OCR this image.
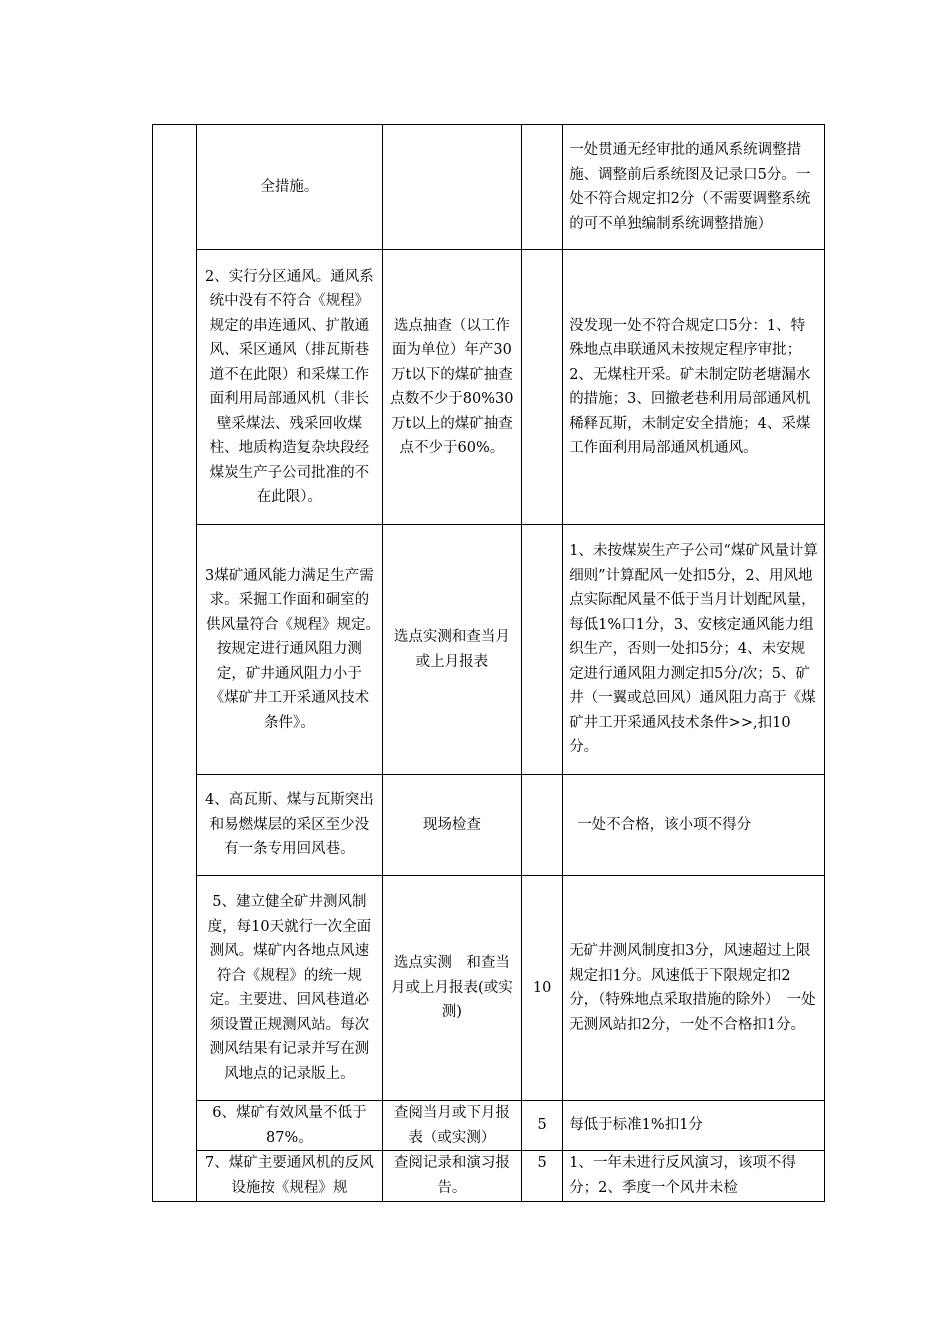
	全措施。			一处贯通无经审批的通风系统调整措施、调整前后系统图及记录口5分。一处不符合规定扣2分（不需要调整系统的可不单独编制系统调整措施）

	2、实行分区通风。通风系统中没有不符合《规程》规定的串连通风、扩散通风、采区通风（排瓦斯巷道不在此限）和采煤工作面利用局部通风机（非长壁采煤法、残采回收煤柱、地质构造复杂块段经煤炭生产子公司批准的不在此限）。	选点抽查（以工作面为单位）年产30万t以下的煤矿抽查点数不少于80%30万t以上的煤矿抽查点不少于60%。		没发现一处不符合规定口5分：1、特殊地点串联通风未按规定程序审批；2、无煤柱开采。矿未制定防老塘漏水的措施；3、回撤老巷利用局部通风机稀释瓦斯，未制定安全措施；4、采煤工作面利用局部通风机通风。

	3煤矿通风能力满足生产需求。采掘工作面和硐室的供风量符合《规程》规定。　按规定进行通风阻力测定，矿井通风阻力小于《煤矿井工开采通风技术条件》。	选点实测和查当月或上月报表		1、未按煤炭生产子公司“煤矿风量计算细则”计算配风一处扣5分，2、用风地点实际配风量不低于当月计划配风量，每低1%口1分，3、安核定通风能力组织生产，否则一处扣5分；4、未安规定进行通风阻力测定扣5分/次；5、矿井（一翼或总回风）通风阻力高于《煤矿井工开采通风技术条件>>,扣10分。

	4、高瓦斯、煤与瓦斯突出和易燃煤层的采区至少没有一条专用回风巷。	现场检查		一处不合格，该小项不得分

	5、建立健全矿井测风制度，每10天就行一次全面测风。煤矿内各地点风速符合《规程》的统一规定。主要进、回风巷道必须设置正规测风站。每次测风结果有记录并写在测风地点的记录版上。	选点实测　和查当月或上月报表(或实测)	10	无矿井测风制度扣3分，风速超过上限规定扣1分。风速低于下限规定扣2分，（特殊地点采取措施的除外）　一处无测风站扣2分，一处不合格扣1分。

	6、煤矿有效风量不低于87%。	查阅当月或下月报表（或实测）	5	每低于标准1%扣1分

	7、煤矿主要通风机的反风设施按《规程》规	查阅记录和演习报告。	5	1、一年未进行反风演习，该项不得分；2、季度一个风井未检
